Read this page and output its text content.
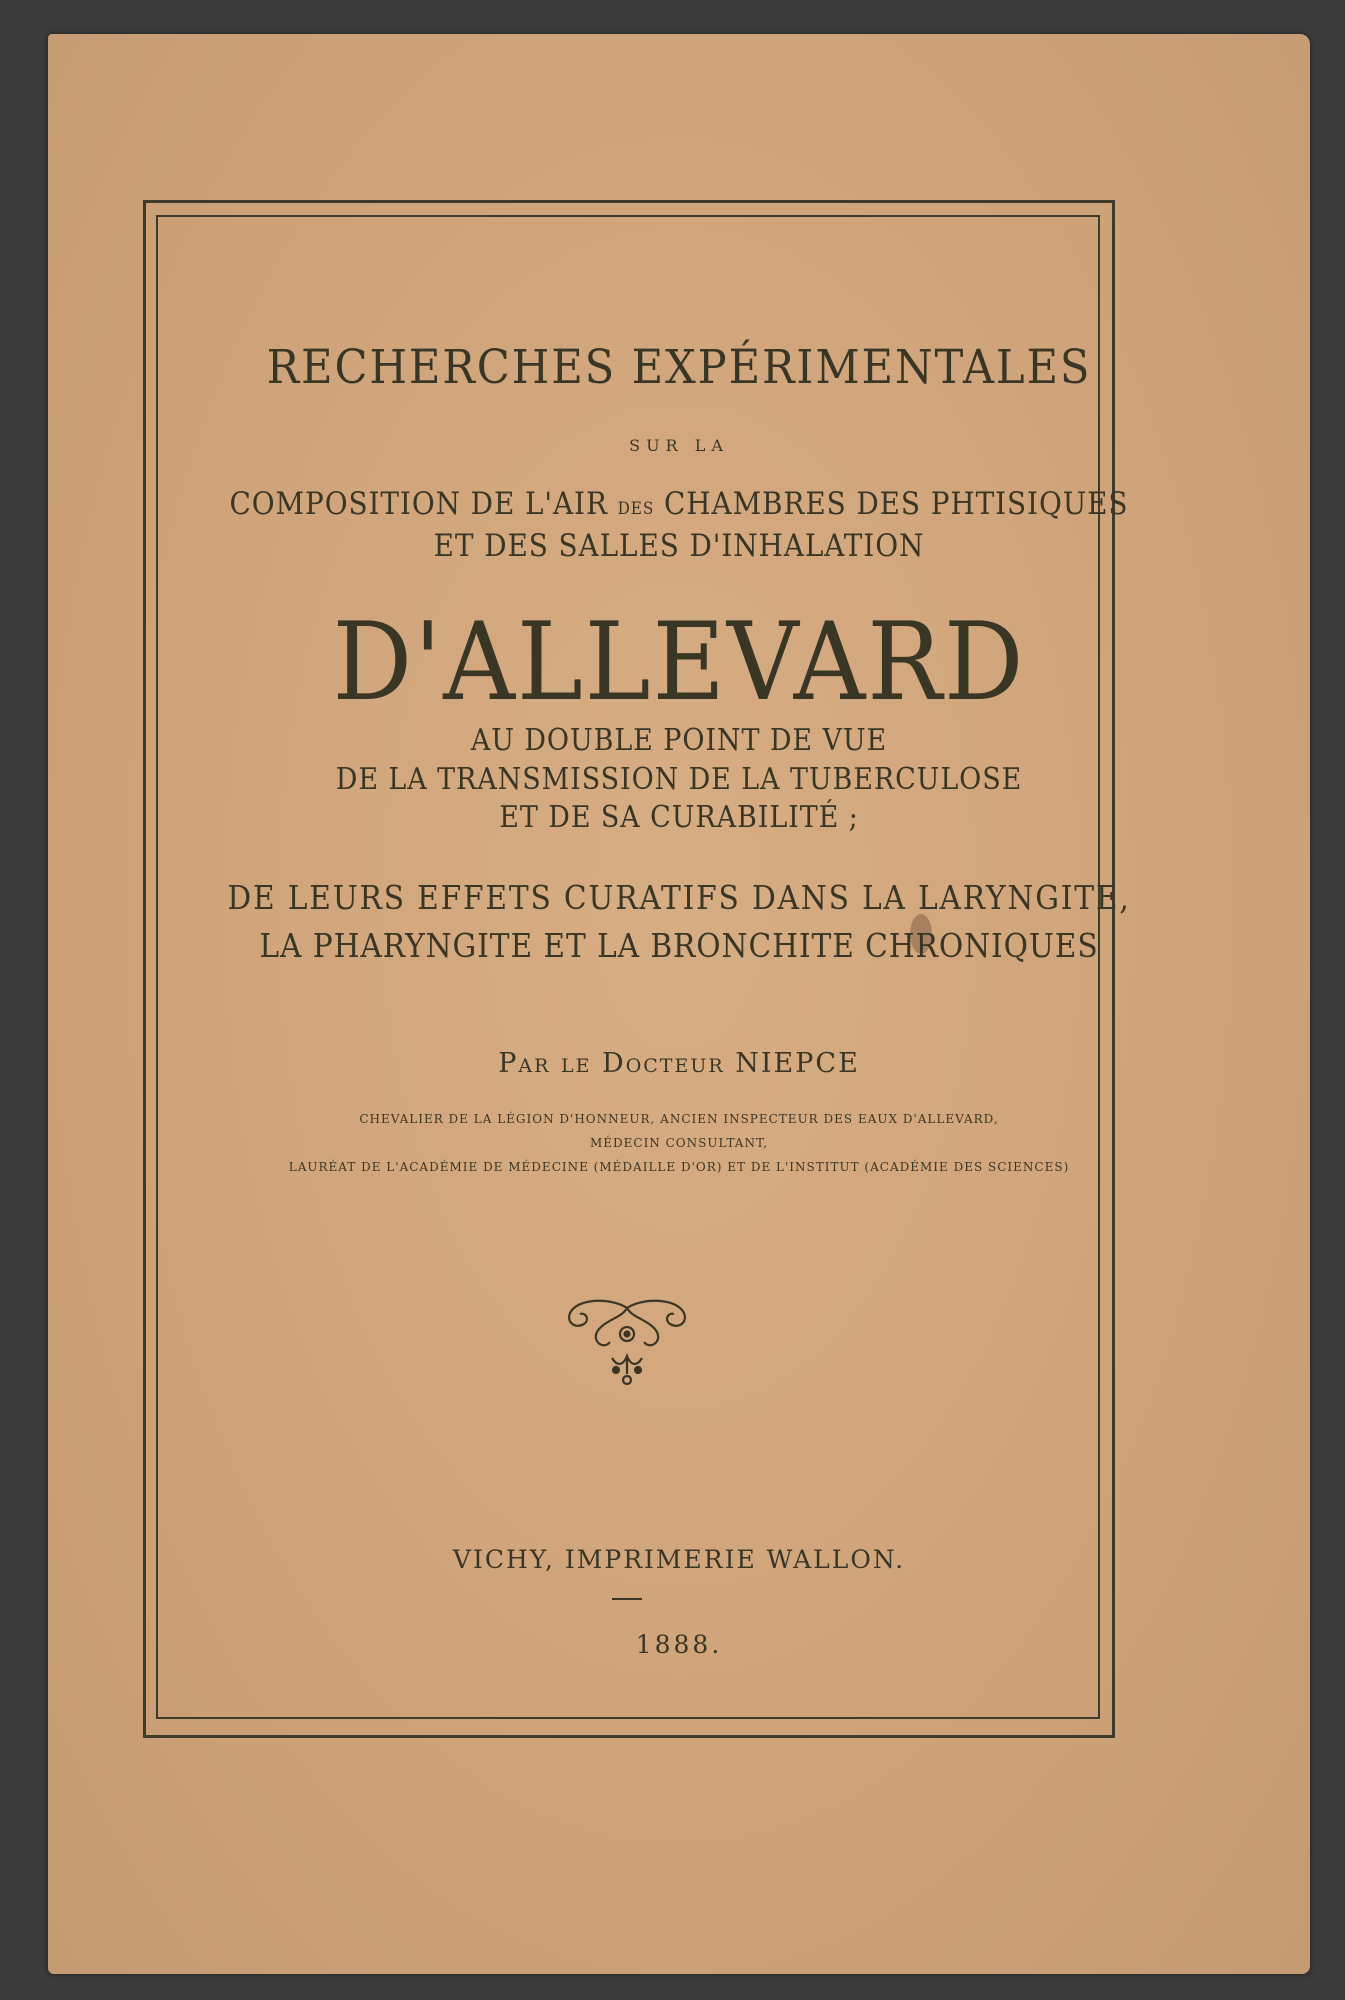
RECHERCHES EXPÉRIMENTALES
SUR LA
COMPOSITION DE L'AIR DES CHAMBRES DES PHTISIQUES
ET DES SALLES D'INHALATION
D'ALLEVARD
AU DOUBLE POINT DE VUE
DE LA TRANSMISSION DE LA TUBERCULOSE
ET DE SA CURABILITÉ ;
DE LEURS EFFETS CURATIFS DANS LA LARYNGITE,
LA PHARYNGITE ET LA BRONCHITE CHRONIQUES
Par le Docteur NIEPCE
CHEVALIER DE LA LÉGION D'HONNEUR, ANCIEN INSPECTEUR DES EAUX D'ALLEVARD,
MÉDECIN CONSULTANT,
LAURÉAT DE L'ACADÉMIE DE MÉDECINE (MÉDAILLE D'OR) ET DE L'INSTITUT (ACADÉMIE DES SCIENCES)
VICHY, IMPRIMERIE WALLON.
1888.
